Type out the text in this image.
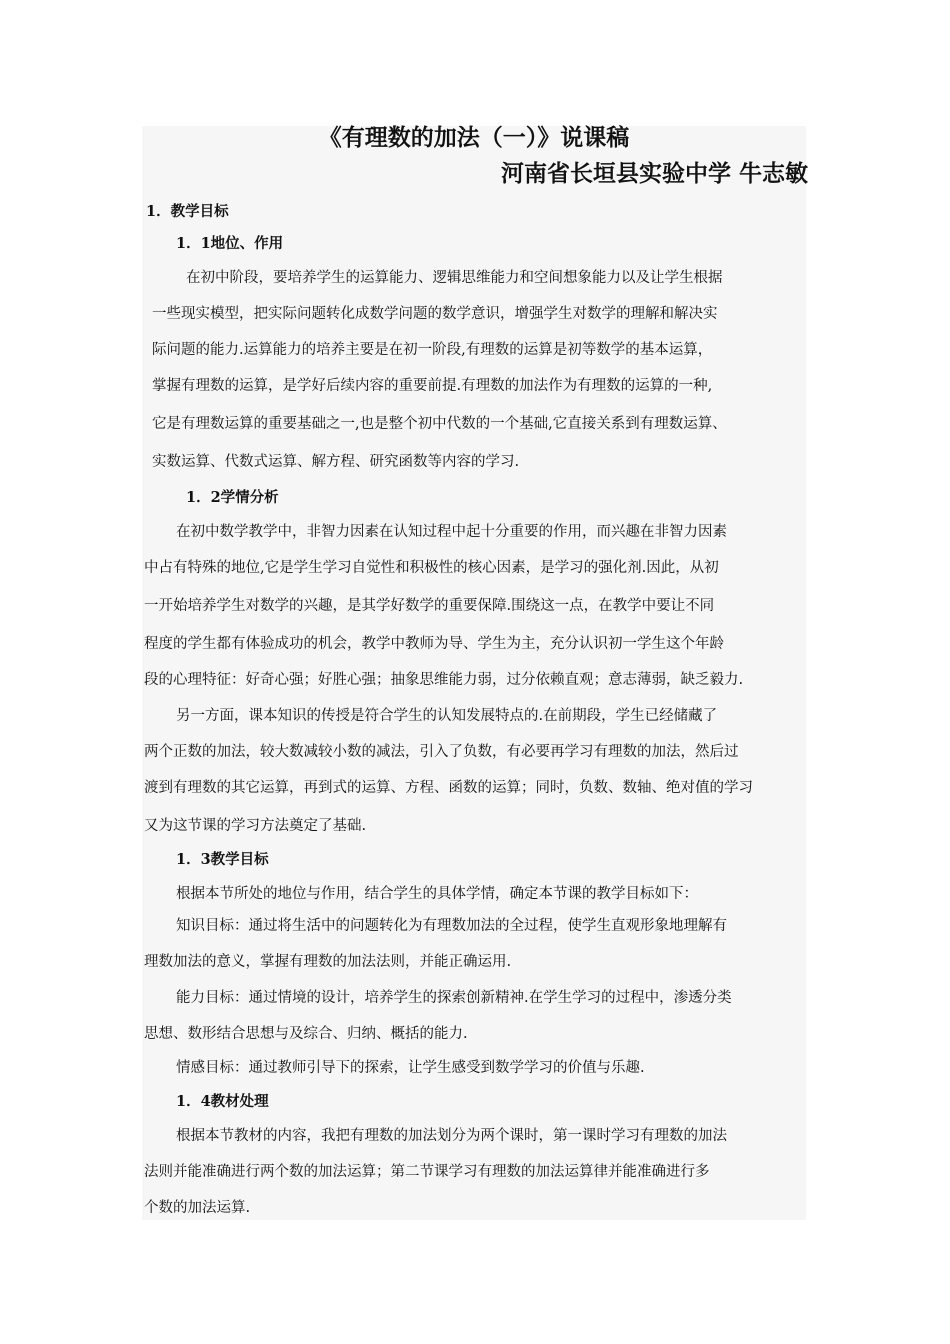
《有理数的加法（一）》说课稿
河南省长垣县实验中学 牛志敏
1．教学目标
1．1地位、作用
在初中阶段，要培养学生的运算能力、逻辑思维能力和空间想象能力以及让学生根据
一些现实模型，把实际问题转化成数学问题的数学意识，增强学生对数学的理解和解决实
际问题的能力.运算能力的培养主要是在初一阶段,有理数的运算是初等数学的基本运算，
掌握有理数的运算，是学好后续内容的重要前提.有理数的加法作为有理数的运算的一种,
它是有理数运算的重要基础之一,也是整个初中代数的一个基础,它直接关系到有理数运算、
实数运算、代数式运算、解方程、研究函数等内容的学习.
1．2学情分析
在初中数学教学中，非智力因素在认知过程中起十分重要的作用，而兴趣在非智力因素
中占有特殊的地位,它是学生学习自觉性和积极性的核心因素，是学习的强化剂.因此，从初
一开始培养学生对数学的兴趣，是其学好数学的重要保障.围绕这一点，在教学中要让不同
程度的学生都有体验成功的机会，教学中教师为导、学生为主，充分认识初一学生这个年龄
段的心理特征：好奇心强；好胜心强；抽象思维能力弱，过分依赖直观；意志薄弱，缺乏毅力.
另一方面，课本知识的传授是符合学生的认知发展特点的.在前期段，学生已经储藏了
两个正数的加法，较大数减较小数的减法，引入了负数，有必要再学习有理数的加法，然后过
渡到有理数的其它运算，再到式的运算、方程、函数的运算；同时，负数、数轴、绝对值的学习
又为这节课的学习方法奠定了基础.
1．3教学目标
根据本节所处的地位与作用，结合学生的具体学情，确定本节课的教学目标如下：
知识目标：通过将生活中的问题转化为有理数加法的全过程，使学生直观形象地理解有
理数加法的意义，掌握有理数的加法法则，并能正确运用.
能力目标：通过情境的设计，培养学生的探索创新精神.在学生学习的过程中，渗透分类
思想、数形结合思想与及综合、归纳、概括的能力.
情感目标：通过教师引导下的探索，让学生感受到数学学习的价值与乐趣.
1．4教材处理
根据本节教材的内容，我把有理数的加法划分为两个课时，第一课时学习有理数的加法
法则并能准确进行两个数的加法运算；第二节课学习有理数的加法运算律并能准确进行多
个数的加法运算.
